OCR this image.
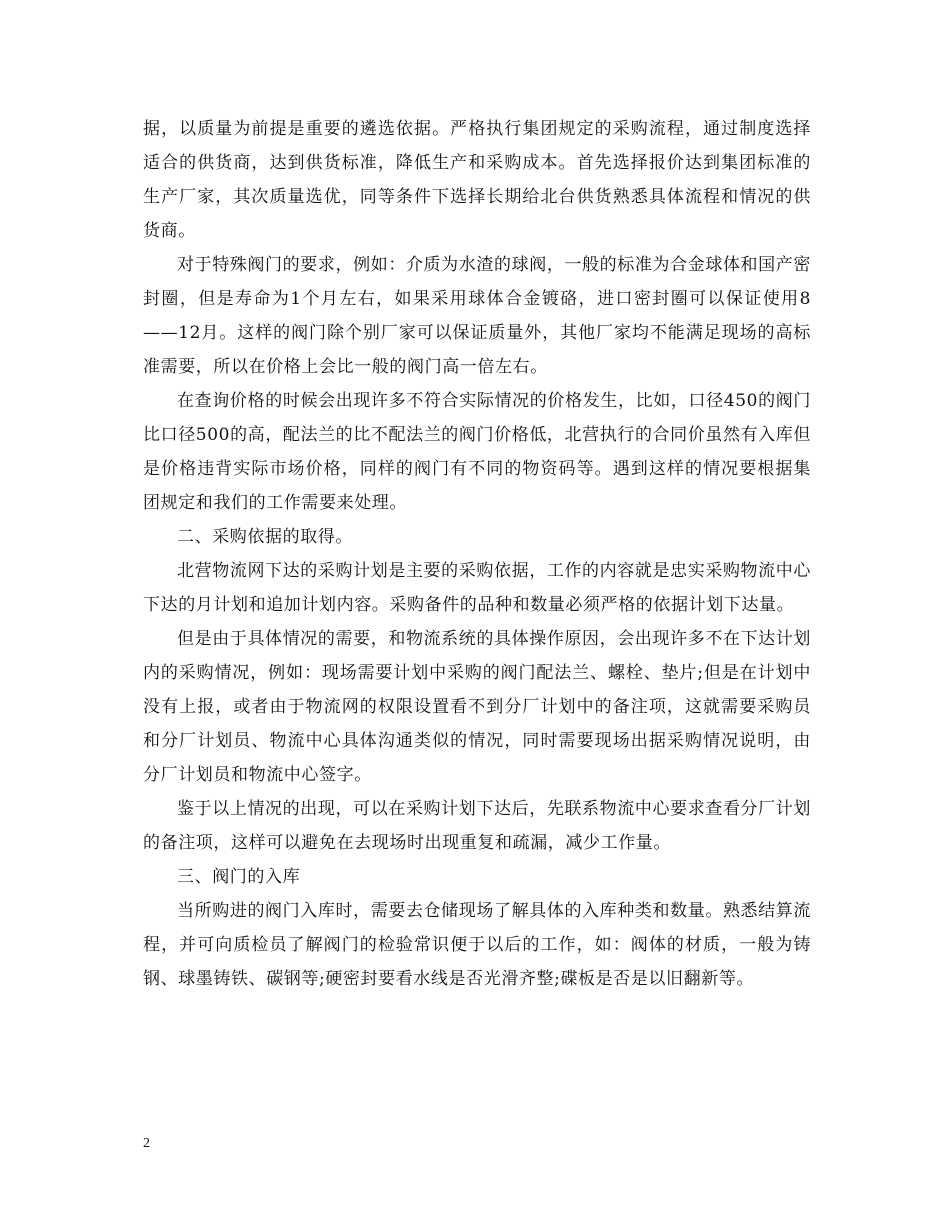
据，以质量为前提是重要的遴选依据。严格执行集团规定的采购流程，通过制度选择适合的供货商，达到供货标准，降低生产和采购成本。首先选择报价达到集团标准的生产厂家，其次质量选优，同等条件下选择长期给北台供货熟悉具体流程和情况的供货商。

对于特殊阀门的要求，例如：介质为水渣的球阀，一般的标准为合金球体和国产密封圈，但是寿命为1个月左右，如果采用球体合金镀硌，进口密封圈可以保证使用8——12月。这样的阀门除个别厂家可以保证质量外，其他厂家均不能满足现场的高标准需要，所以在价格上会比一般的阀门高一倍左右。

在查询价格的时候会出现许多不符合实际情况的价格发生，比如，口径450的阀门比口径500的高，配法兰的比不配法兰的阀门价格低，北营执行的合同价虽然有入库但是价格违背实际市场价格，同样的阀门有不同的物资码等。遇到这样的情况要根据集团规定和我们的工作需要来处理。

二、采购依据的取得。

北营物流网下达的采购计划是主要的采购依据，工作的内容就是忠实采购物流中心下达的月计划和追加计划内容。采购备件的品种和数量必须严格的依据计划下达量。

但是由于具体情况的需要，和物流系统的具体操作原因，会出现许多不在下达计划内的采购情况，例如：现场需要计划中采购的阀门配法兰、螺栓、垫片;但是在计划中没有上报，或者由于物流网的权限设置看不到分厂计划中的备注项，这就需要采购员和分厂计划员、物流中心具体沟通类似的情况，同时需要现场出据采购情况说明，由分厂计划员和物流中心签字。

鉴于以上情况的出现，可以在采购计划下达后，先联系物流中心要求查看分厂计划的备注项，这样可以避免在去现场时出现重复和疏漏，减少工作量。

三、阀门的入库

当所购进的阀门入库时，需要去仓储现场了解具体的入库种类和数量。熟悉结算流程，并可向质检员了解阀门的检验常识便于以后的工作，如：阀体的材质，一般为铸钢、球墨铸铁、碳钢等;硬密封要看水线是否光滑齐整;碟板是否是以旧翻新等。

2
